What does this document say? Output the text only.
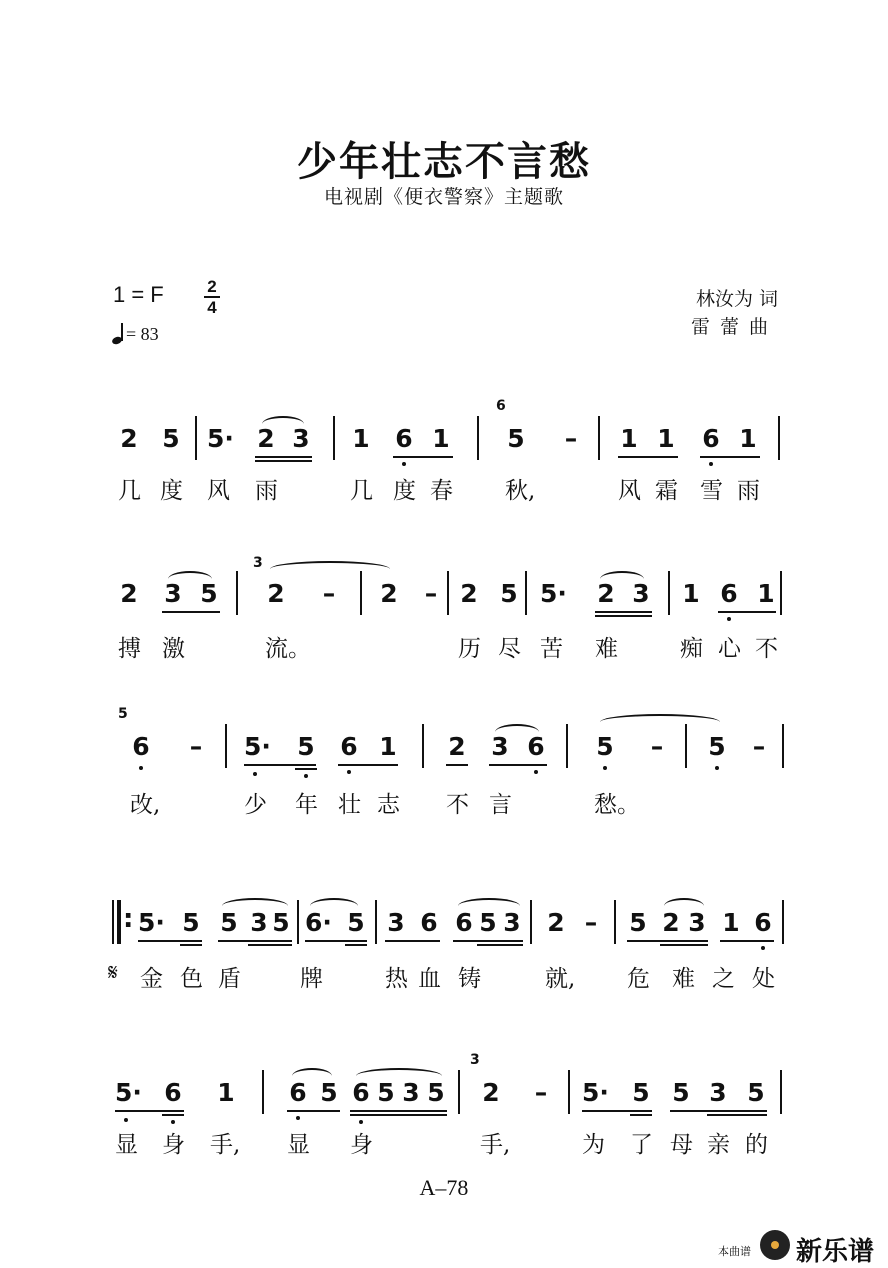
少年壮志不言愁
电视剧《便衣警察》主题歌
1 = F	2
4
= 83
林汝为 词
雷蕾曲
2 5 5· 2 3 1 6 1
6
5 – 1 1 6 1
几 度 风 雨	几 度 春 秋,	风 霜 雪 雨
2 3 5
3
2 – 2 – 2 5 5· 2 3 1 6 1
搏 激	流。	历 尽 苦 难	痴 心 不
5
6 – 5· 5 6 1 2 3 6 5 – 5 –
改,	少 年 壮 志 不 言	愁。
: 5· 5 5 3 5 6· 5 3 6 6 5 3 2 – 5 2 3 1 6
𝄋 金 色 盾	牌	热 血 铸	就, 危 难 之 处
5· 6 1 6 5 6 5 3 5
3
2 – 5· 5 5 3 5
显 身 手, 显 身	手,	为 了 母 亲 的
A–78
本曲谱 新乐谱
